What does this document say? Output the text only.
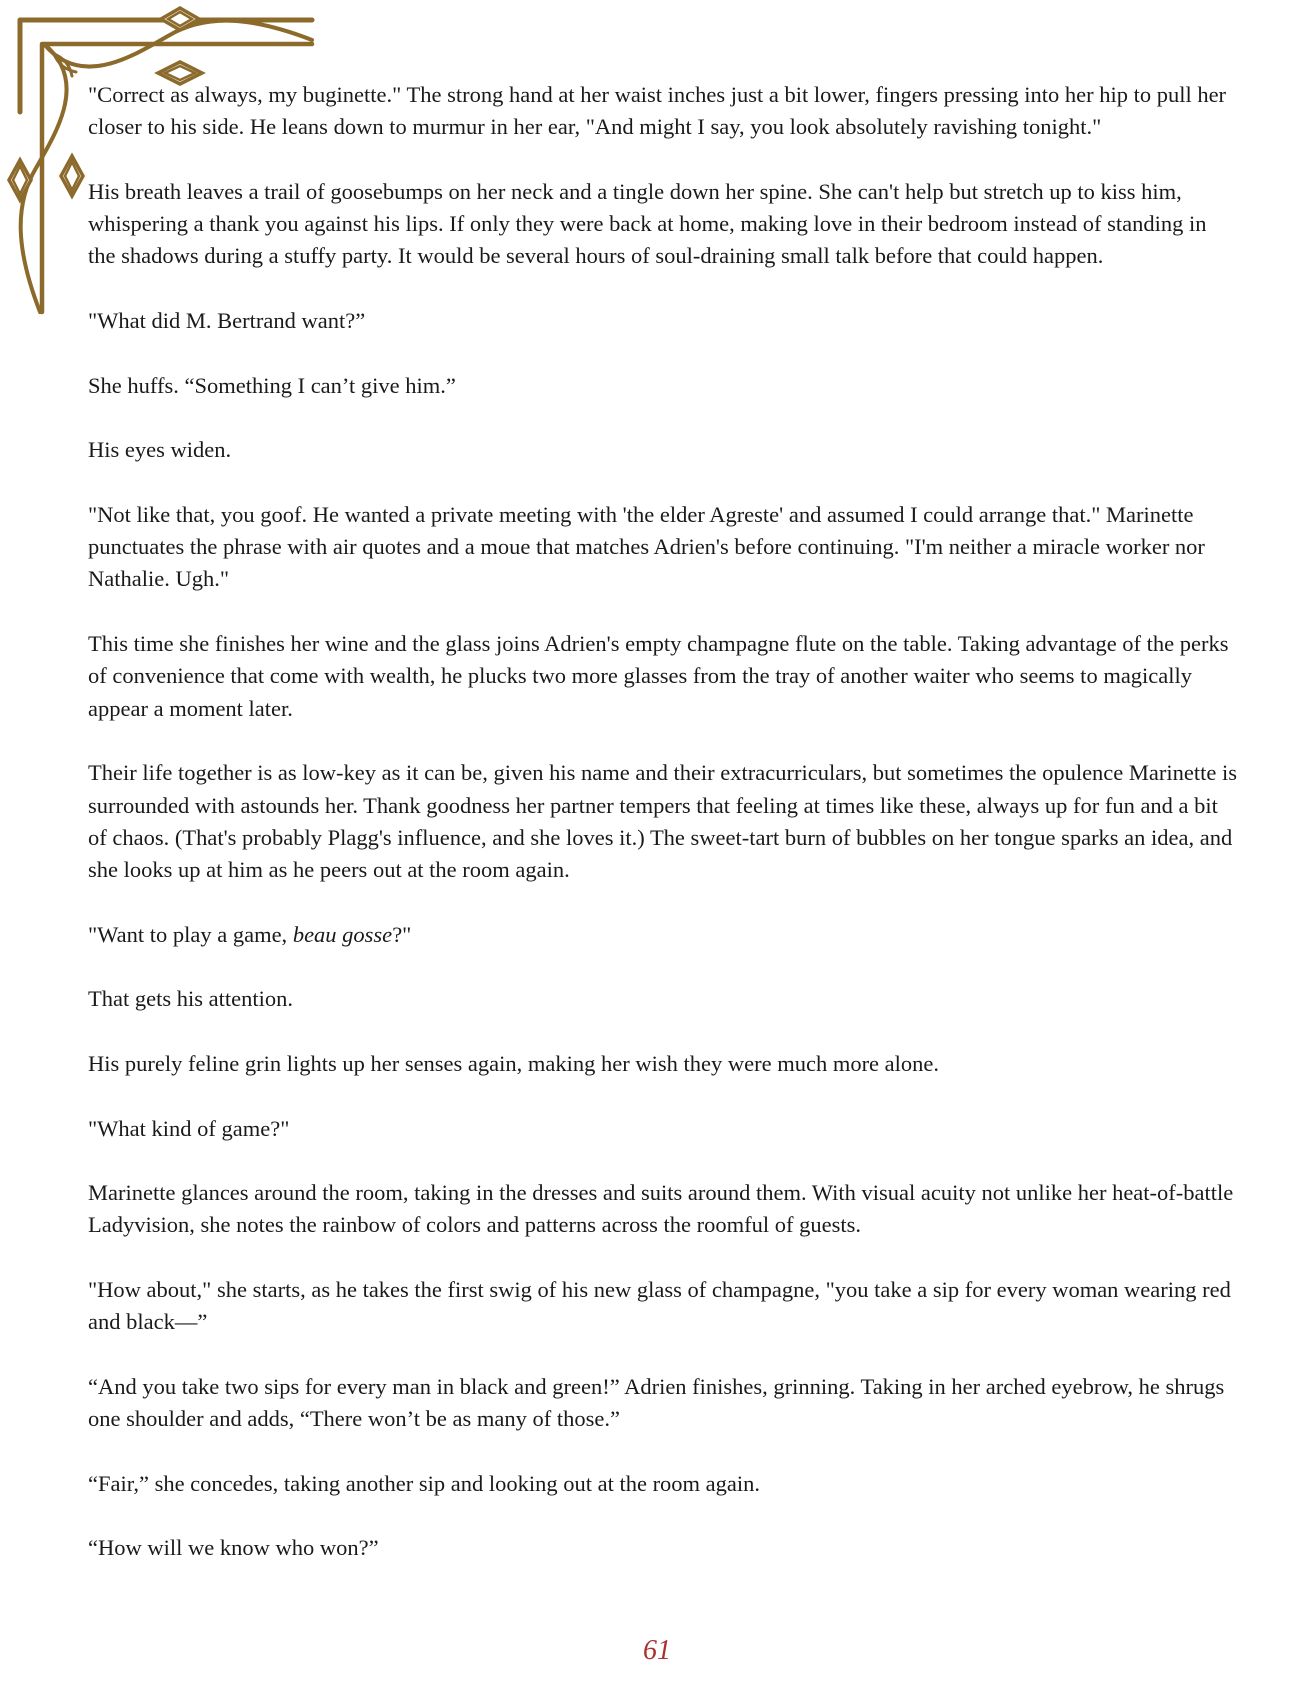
"Correct as always, my buginette." The strong hand at her waist inches just a bit lower, fingers pressing into her hip to pull her closer to his side. He leans down to murmur in her ear, "And might I say, you look absolutely ravishing tonight."

His breath leaves a trail of goosebumps on her neck and a tingle down her spine. She can't help but stretch up to kiss him, whispering a thank you against his lips. If only they were back at home, making love in their bedroom instead of standing in the shadows during a stuffy party. It would be several hours of soul-draining small talk before that could happen.

"What did M. Bertrand want?”

She huffs. “Something I can’t give him.”

His eyes widen.

"Not like that, you goof. He wanted a private meeting with 'the elder Agreste' and assumed I could arrange that." Marinette punctuates the phrase with air quotes and a moue that matches Adrien's before continuing. "I'm neither a miracle worker nor Nathalie. Ugh."

This time she finishes her wine and the glass joins Adrien's empty champagne flute on the table. Taking advantage of the perks of convenience that come with wealth, he plucks two more glasses from the tray of another waiter who seems to magically appear a moment later.

Their life together is as low-key as it can be, given his name and their extracurriculars, but sometimes the opulence Marinette is surrounded with astounds her. Thank goodness her partner tempers that feeling at times like these, always up for fun and a bit of chaos. (That's probably Plagg's influence, and she loves it.) The sweet-tart burn of bubbles on her tongue sparks an idea, and she looks up at him as he peers out at the room again.

"Want to play a game, beau gosse?"

That gets his attention.

His purely feline grin lights up her senses again, making her wish they were much more alone.

"What kind of game?"

Marinette glances around the room, taking in the dresses and suits around them. With visual acuity not unlike her heat-of-battle Ladyvision, she notes the rainbow of colors and patterns across the roomful of guests.

"How about," she starts, as he takes the first swig of his new glass of champagne, "you take a sip for every woman wearing red and black—”

“And you take two sips for every man in black and green!” Adrien finishes, grinning. Taking in her arched eyebrow, he shrugs one shoulder and adds, “There won’t be as many of those.”

“Fair,” she concedes, taking another sip and looking out at the room again.

“How will we know who won?”

61
